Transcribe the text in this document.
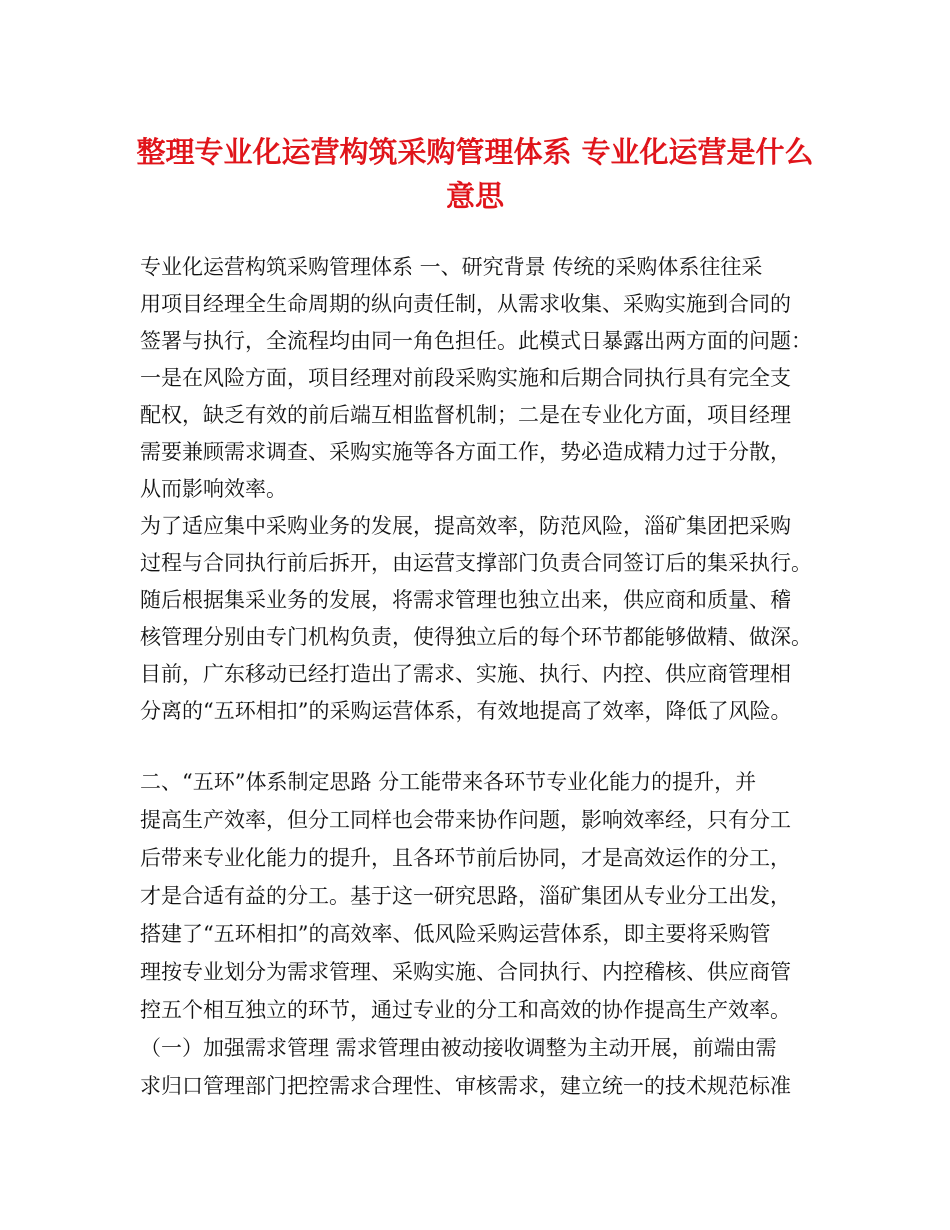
整理专业化运营构筑采购管理体系 专业化运营是什么
意思

专业化运营构筑采购管理体系 一、研究背景 传统的采购体系往往采

用项目经理全生命周期的纵向责任制，从需求收集、采购实施到合同的

签署与执行，全流程均由同一角色担任。此模式日暴露出两方面的问题：

一是在风险方面，项目经理对前段采购实施和后期合同执行具有完全支

配权，缺乏有效的前后端互相监督机制；二是在专业化方面，项目经理

需要兼顾需求调查、采购实施等各方面工作，势必造成精力过于分散，

从而影响效率。

为了适应集中采购业务的发展，提高效率，防范风险，淄矿集团把采购

过程与合同执行前后拆开，由运营支撑部门负责合同签订后的集采执行。

随后根据集采业务的发展，将需求管理也独立出来，供应商和质量、稽

核管理分别由专门机构负责，使得独立后的每个环节都能够做精、做深。

目前，广东移动已经打造出了需求、实施、执行、内控、供应商管理相

分离的“五环相扣”的采购运营体系，有效地提高了效率，降低了风险。

二、“五环”体系制定思路 分工能带来各环节专业化能力的提升，并

提高生产效率，但分工同样也会带来协作问题，影响效率经，只有分工

后带来专业化能力的提升，且各环节前后协同，才是高效运作的分工，

才是合适有益的分工。基于这一研究思路，淄矿集团从专业分工出发，

搭建了“五环相扣”的高效率、低风险采购运营体系，即主要将采购管

理按专业划分为需求管理、采购实施、合同执行、内控稽核、供应商管

控五个相互独立的环节，通过专业的分工和高效的协作提高生产效率。

（一）加强需求管理 需求管理由被动接收调整为主动开展，前端由需

求归口管理部门把控需求合理性、审核需求，建立统一的技术规范标准
